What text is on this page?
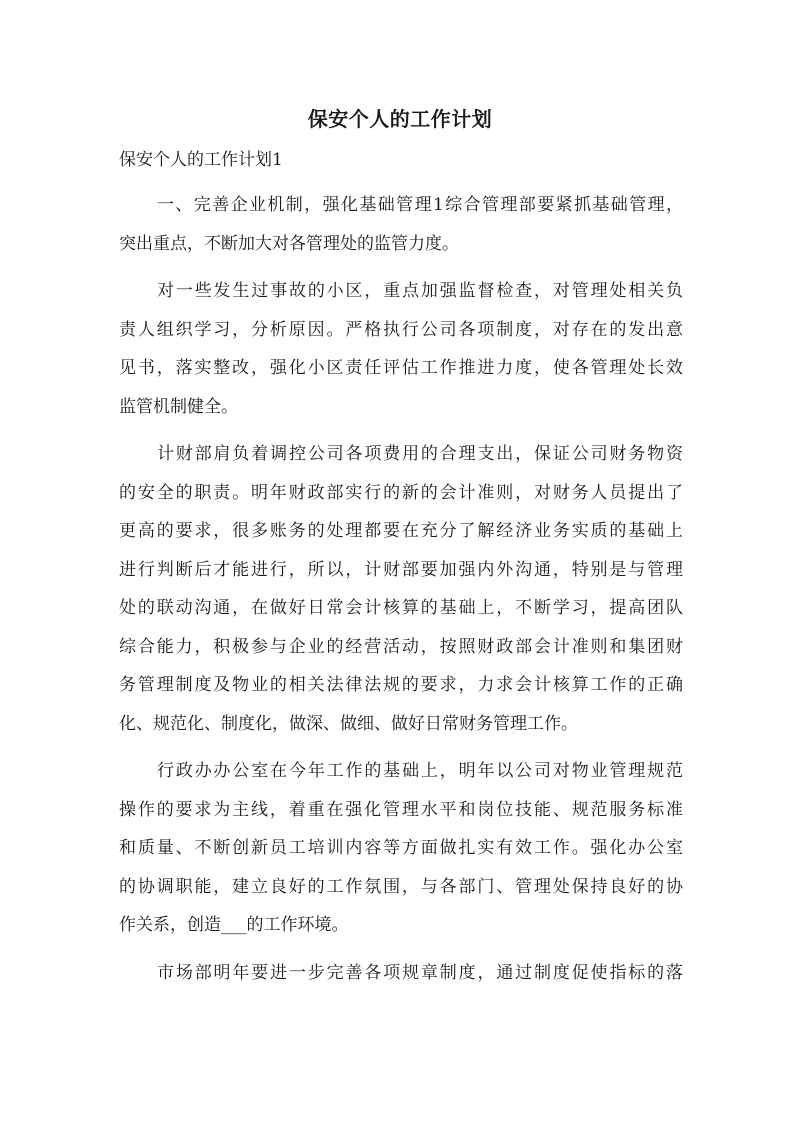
保安个人的工作计划
保安个人的工作计划1
一、完善企业机制，强化基础管理1综合管理部要紧抓基础管理，
突出重点，不断加大对各管理处的监管力度。
对一些发生过事故的小区，重点加强监督检查，对管理处相关负
责人组织学习，分析原因。严格执行公司各项制度，对存在的发出意
见书，落实整改，强化小区责任评估工作推进力度，使各管理处长效
监管机制健全。
计财部肩负着调控公司各项费用的合理支出，保证公司财务物资
的安全的职责。明年财政部实行的新的会计准则，对财务人员提出了
更高的要求，很多账务的处理都要在充分了解经济业务实质的基础上
进行判断后才能进行，所以，计财部要加强内外沟通，特别是与管理
处的联动沟通，在做好日常会计核算的基础上，不断学习，提高团队
综合能力，积极参与企业的经营活动，按照财政部会计准则和集团财
务管理制度及物业的相关法律法规的要求，力求会计核算工作的正确
化、规范化、制度化，做深、做细、做好日常财务管理工作。
行政办办公室在今年工作的基础上，明年以公司对物业管理规范
操作的要求为主线，着重在强化管理水平和岗位技能、规范服务标准
和质量、不断创新员工培训内容等方面做扎实有效工作。强化办公室
的协调职能，建立良好的工作氛围，与各部门、管理处保持良好的协
作关系，创造___的工作环境。
市场部明年要进一步完善各项规章制度，通过制度促使指标的落
